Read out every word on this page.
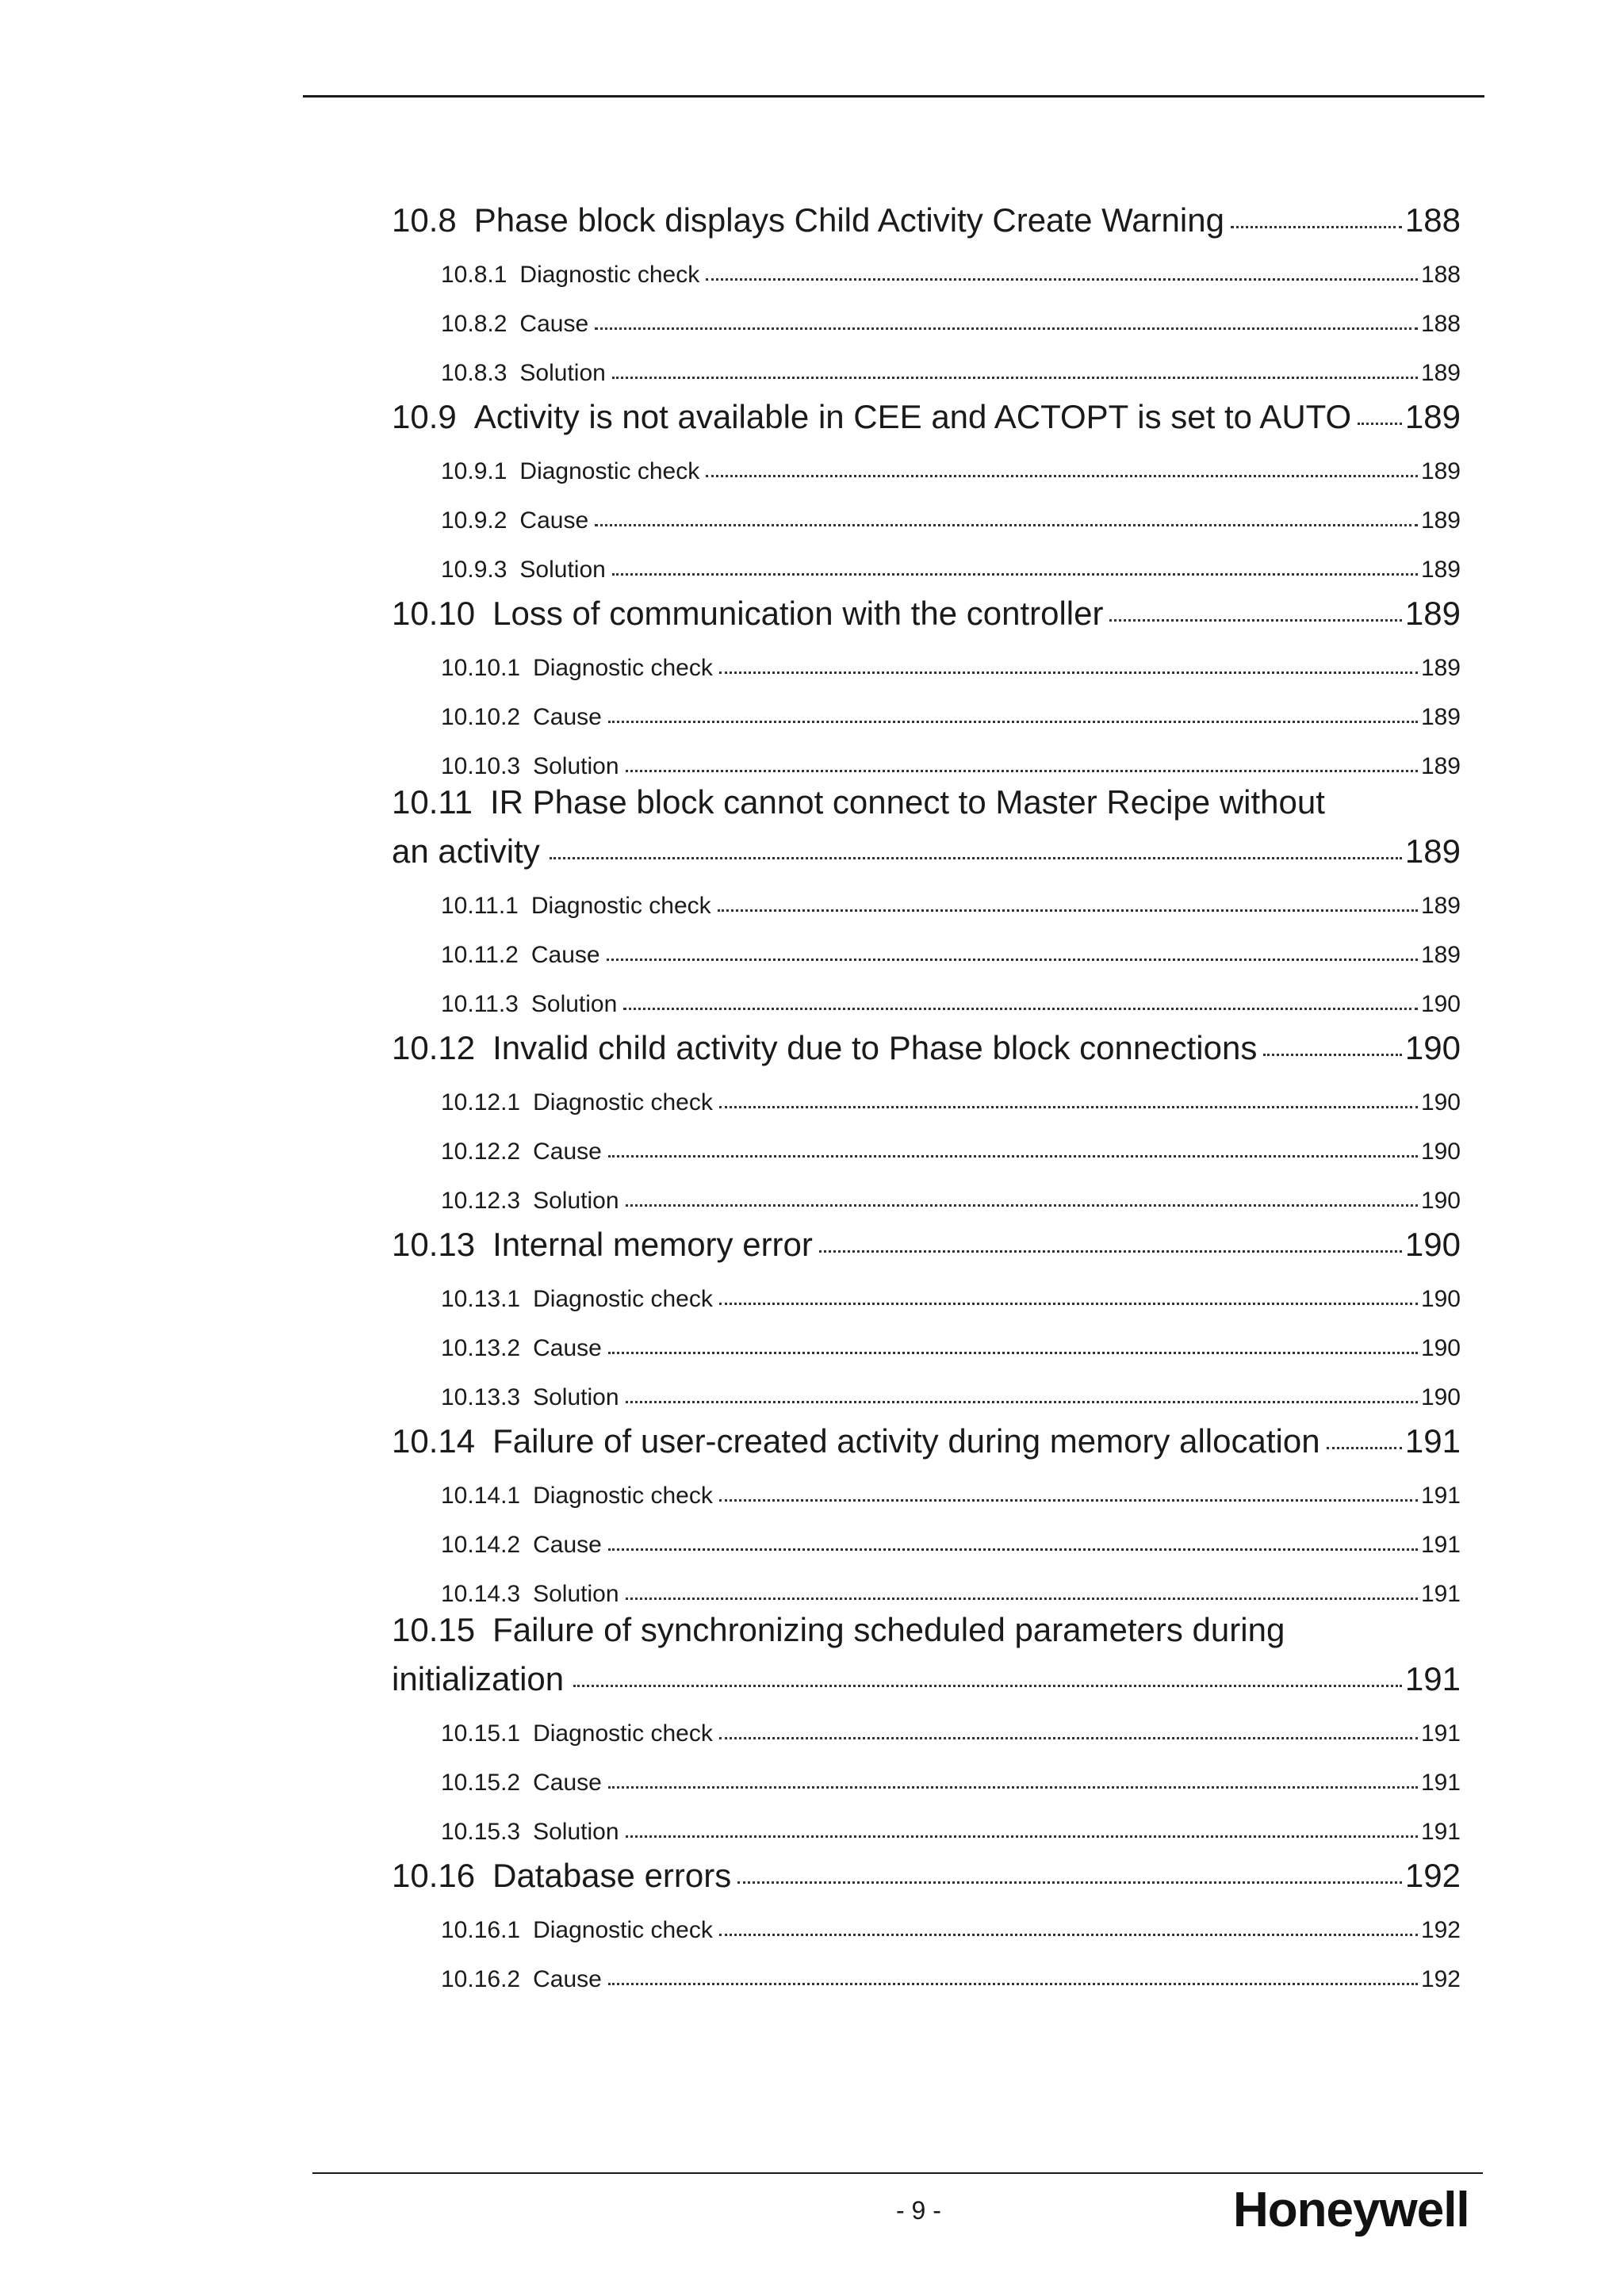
10.8 Phase block displays Child Activity Create Warning	188
10.8.1 Diagnostic check	188
10.8.2 Cause	188
10.8.3 Solution	189
10.9 Activity is not available in CEE and ACTOPT is set to AUTO 189
10.9.1 Diagnostic check	189
10.9.2 Cause	189
10.9.3 Solution	189
10.10 Loss of communication with the controller	189
10.10.1 Diagnostic check	189
10.10.2 Cause	189
10.10.3 Solution	189
10.11 IR Phase block cannot connect to Master Recipe without
an activity	189
10.11.1 Diagnostic check	189
10.11.2 Cause	189
10.11.3 Solution	190
10.12 Invalid child activity due to Phase block connections	190
10.12.1 Diagnostic check	190
10.12.2 Cause	190
10.12.3 Solution	190
10.13 Internal memory error	190
10.13.1 Diagnostic check	190
10.13.2 Cause	190
10.13.3 Solution	190
10.14 Failure of user-created activity during memory allocation	191
10.14.1 Diagnostic check	191
10.14.2 Cause	191
10.14.3 Solution	191
10.15 Failure of synchronizing scheduled parameters during
initialization	191
10.15.1 Diagnostic check	191
10.15.2 Cause	191
10.15.3 Solution	191
10.16 Database errors	192
10.16.1 Diagnostic check	192
10.16.2 Cause	192
- 9 -	Honeywell
